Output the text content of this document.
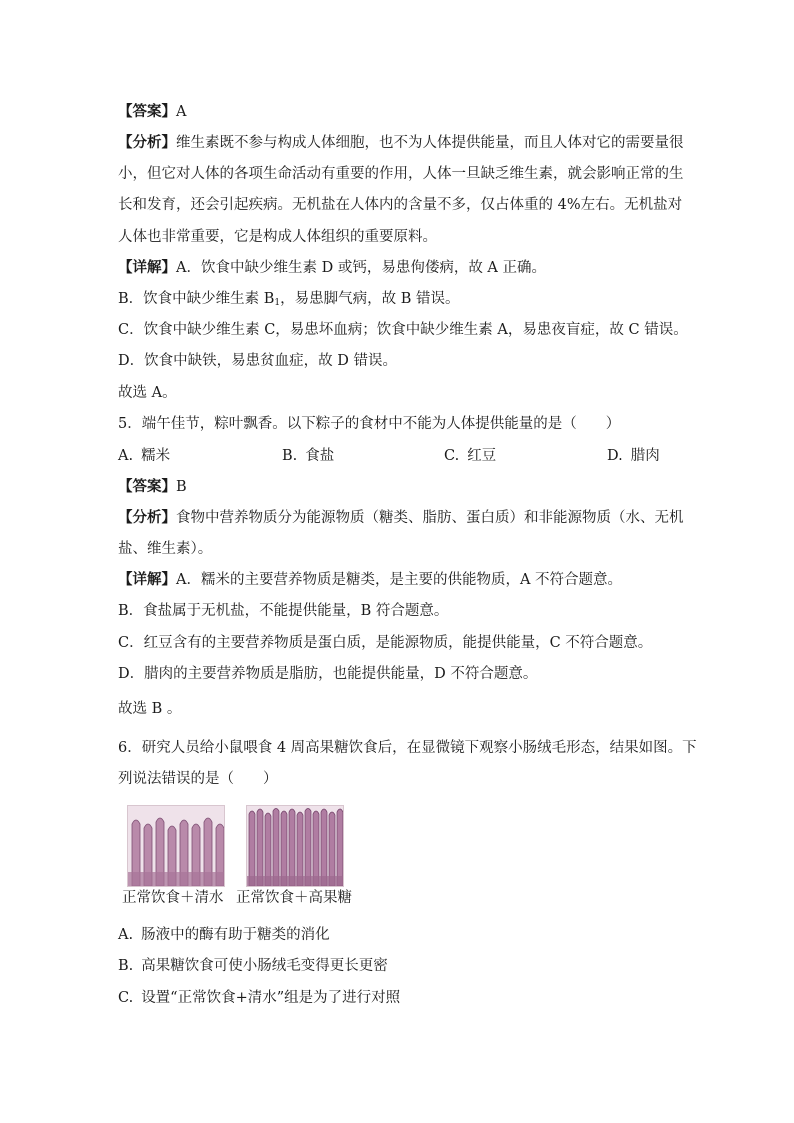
【答案】A
【分析】维生素既不参与构成人体细胞，也不为人体提供能量，而且人体对它的需要量很
小，但它对人体的各项生命活动有重要的作用，人体一旦缺乏维生素，就会影响正常的生
长和发育，还会引起疾病。无机盐在人体内的含量不多，仅占体重的 4%左右。无机盐对
人体也非常重要，它是构成人体组织的重要原料。
【详解】A．饮食中缺少维生素 D 或钙，易患佝偻病，故 A 正确。
B．饮食中缺少维生素 $B_1$，易患脚气病，故 B 错误。
C．饮食中缺少维生素 C，易患坏血病；饮食中缺少维生素 A，易患夜盲症，故 C 错误。
D．饮食中缺铁，易患贫血症，故 D 错误。
故选 A。
5．端午佳节，粽叶飘香。以下粽子的食材中不能为人体提供能量的是（　　）
A. 糯米	B. 食盐	C. 红豆	D. 腊肉
【答案】B
【分析】食物中营养物质分为能源物质（糖类、脂肪、蛋白质）和非能源物质（水、无机
盐、维生素）。
【详解】A．糯米的主要营养物质是糖类，是主要的供能物质，A 不符合题意。
B．食盐属于无机盐，不能提供能量，B 符合题意。
C．红豆含有的主要营养物质是蛋白质，是能源物质，能提供能量，C 不符合题意。
D．腊肉的主要营养物质是脂肪，也能提供能量，D 不符合题意。
故选 B 。
6．研究人员给小鼠喂食 4 周高果糖饮食后，在显微镜下观察小肠绒毛形态，结果如图。下
列说法错误的是（　　）
正常饮食＋清水 正常饮食＋高果糖
A. 肠液中的酶有助于糖类的消化
B. 高果糖饮食可使小肠绒毛变得更长更密
C. 设置“正常饮食+清水”组是为了进行对照
